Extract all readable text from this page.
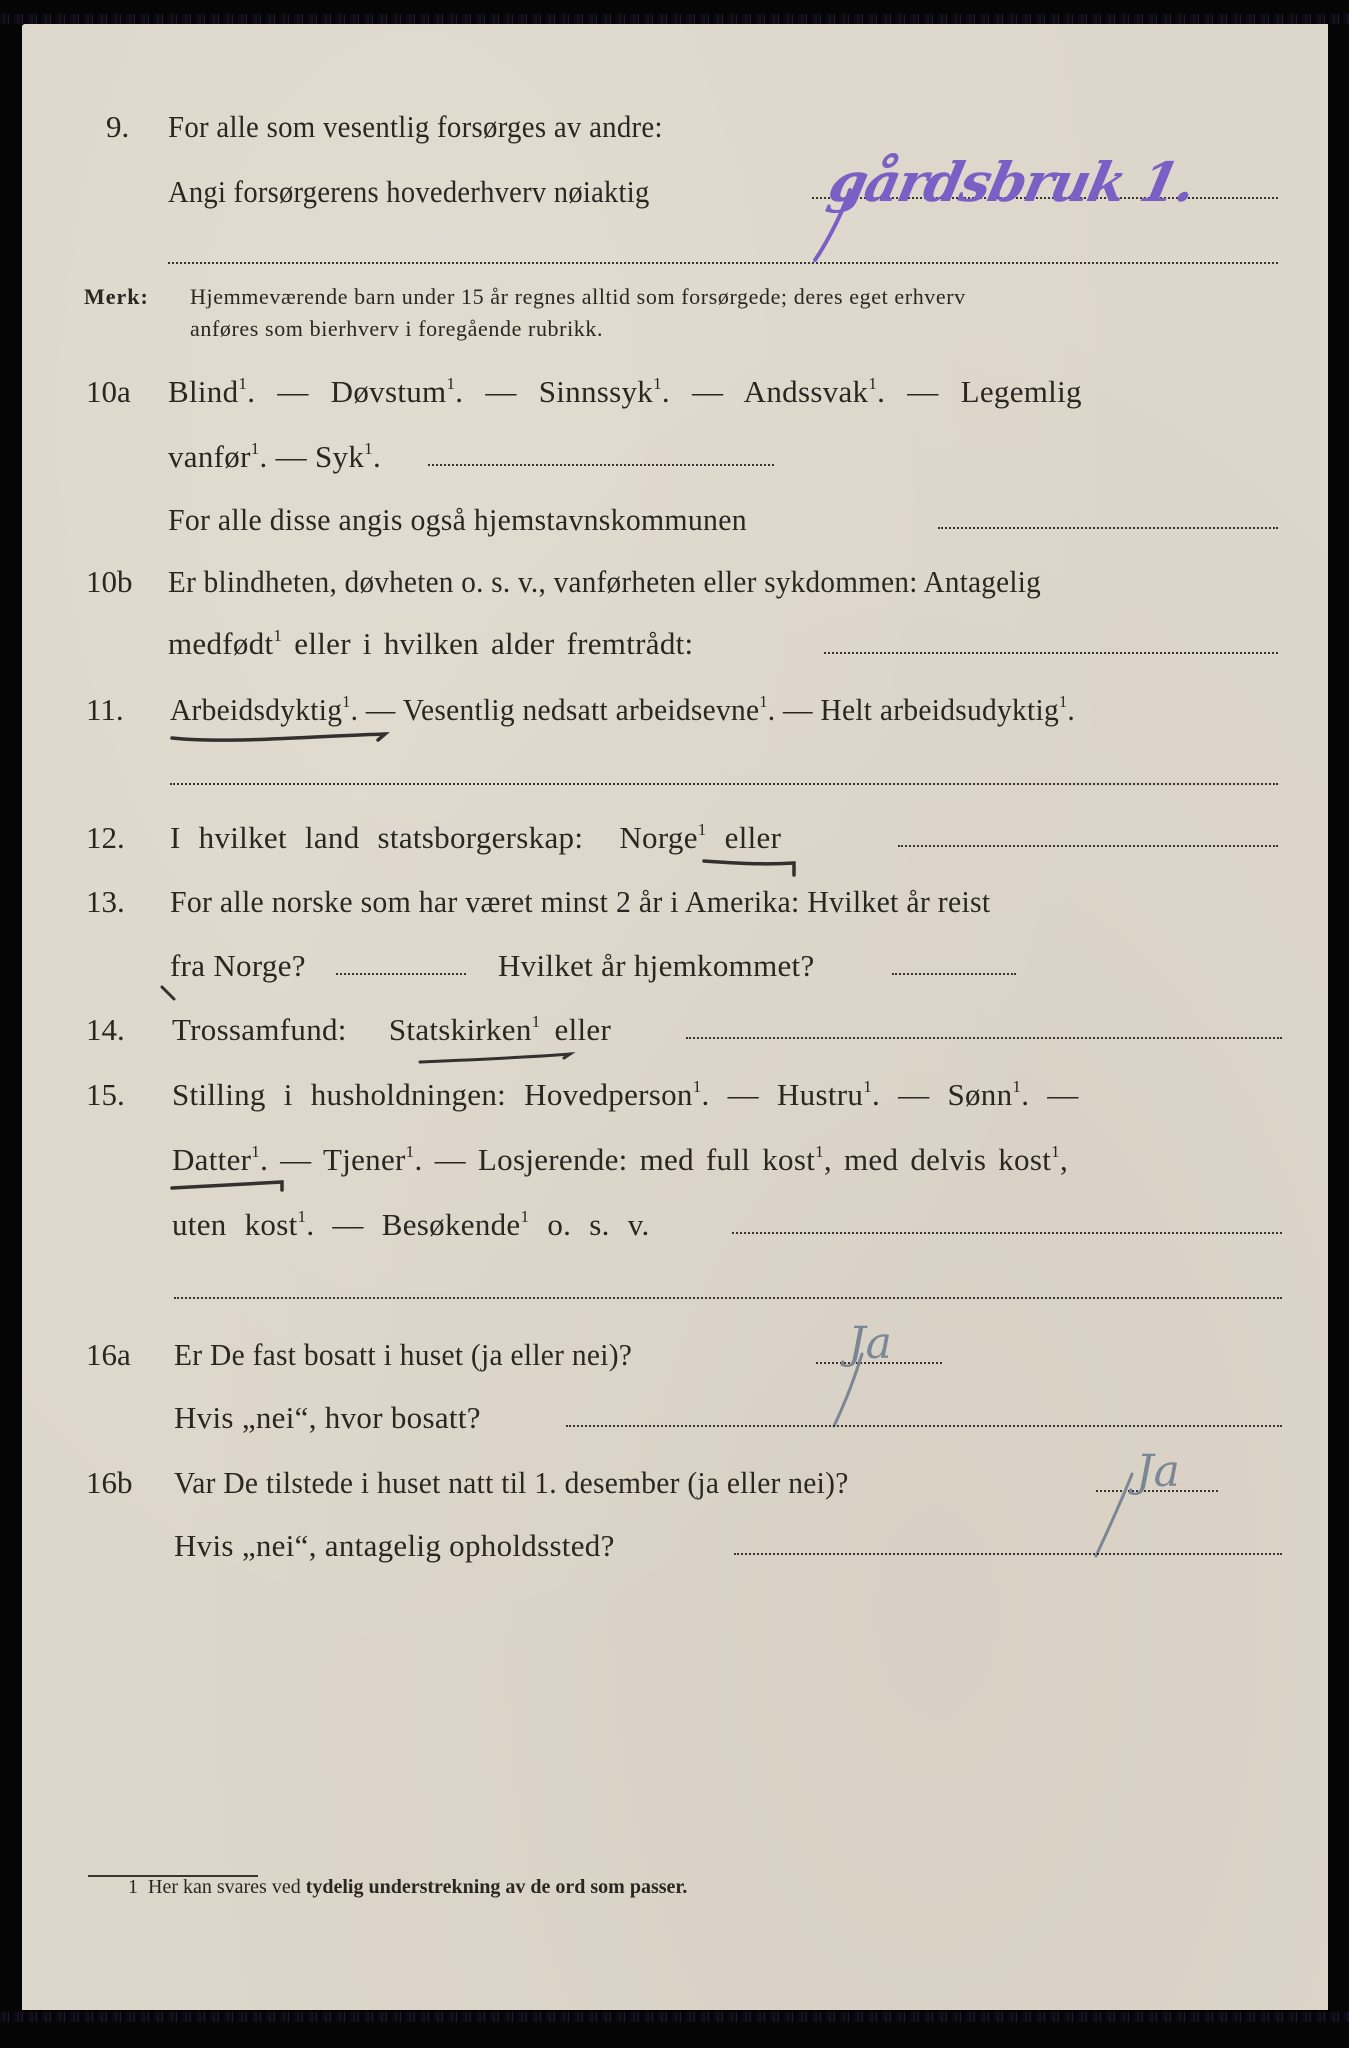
9. For alle som vesentlig forsørges av andre:
Angi forsørgerens hovederhverv nøiaktig	gårdsbruk 1.
Merk: Hjemmeværende barn under 15 år regnes alltid som forsørgede; deres eget erhverv
anføres som bierhverv i foregående rubrikk.
10a Blind$^1$. — Døvstum$^1$. — Sinnssyk$^1$. — Andssvak$^1$. — Legemlig
vanfør$^1$. — Syk$^1$.
For alle disse angis også hjemstavnskommunen
10b Er blindheten, døvheten o. s. v., vanførheten eller sykdommen: Antagelig
medfødt$^1$ eller i hvilken alder fremtrådt:
11. Arbeidsdyktig$^1$. — Vesentlig nedsatt arbeidsevne$^1$. — Helt arbeidsudyktig$^1$.
12. I hvilket land statsborgerskap: Norge$^1$ eller
13. For alle norske som har været minst 2 år i Amerika: Hvilket år reist
fra Norge?	Hvilket år hjemkommet?
14. Trossamfund: Statskirken$^1$ eller
15. Stilling i husholdningen: Hovedperson$^1$. — Hustru$^1$. — Sønn$^1$. —
Datter$^1$. — Tjener$^1$. — Losjerende: med full kost$^1$, med delvis kost$^1$,
uten kost$^1$. — Besøkende$^1$ o. s. v.
16a Er De fast bosatt i huset (ja eller nei)?	Ja
Hvis „nei“, hvor bosatt?
16b Var De tilstede i huset natt til 1. desember (ja eller nei)?	Ja
Hvis „nei“, antagelig opholdssted?
1 Her kan svares ved tydelig understrekning av de ord som passer.
